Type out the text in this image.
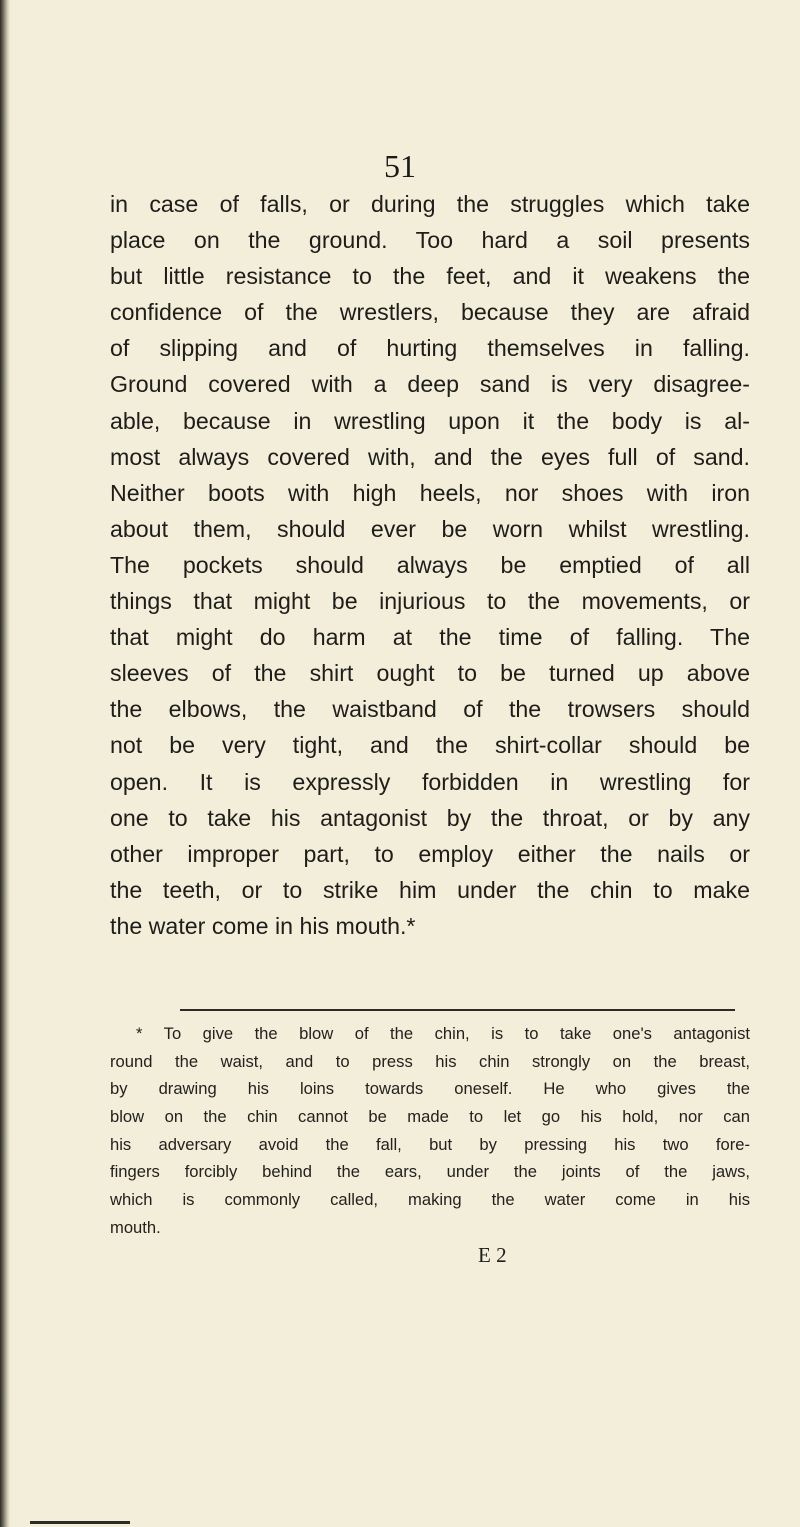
51
in case of falls, or during the struggles which take
place on the ground. Too hard a soil presents
but little resistance to the feet, and it weakens the
confidence of the wrestlers, because they are afraid
of slipping and of hurting themselves in falling.
Ground covered with a deep sand is very disagree-
able, because in wrestling upon it the body is al-
most always covered with, and the eyes full of sand.
Neither boots with high heels, nor shoes with iron
about them, should ever be worn whilst wrestling.
The pockets should always be emptied of all
things that might be injurious to the movements, or
that might do harm at the time of falling. The
sleeves of the shirt ought to be turned up above
the elbows, the waistband of the trowsers should
not be very tight, and the shirt-collar should be
open. It is expressly forbidden in wrestling for
one to take his antagonist by the throat, or by any
other improper part, to employ either the nails or
the teeth, or to strike him under the chin to make
the water come in his mouth.*
* To give the blow of the chin, is to take one's antagonist
round the waist, and to press his chin strongly on the breast,
by drawing his loins towards oneself. He who gives the
blow on the chin cannot be made to let go his hold, nor can
his adversary avoid the fall, but by pressing his two fore-
fingers forcibly behind the ears, under the joints of the jaws,
which is commonly called, making the water come in his
mouth.
E 2
